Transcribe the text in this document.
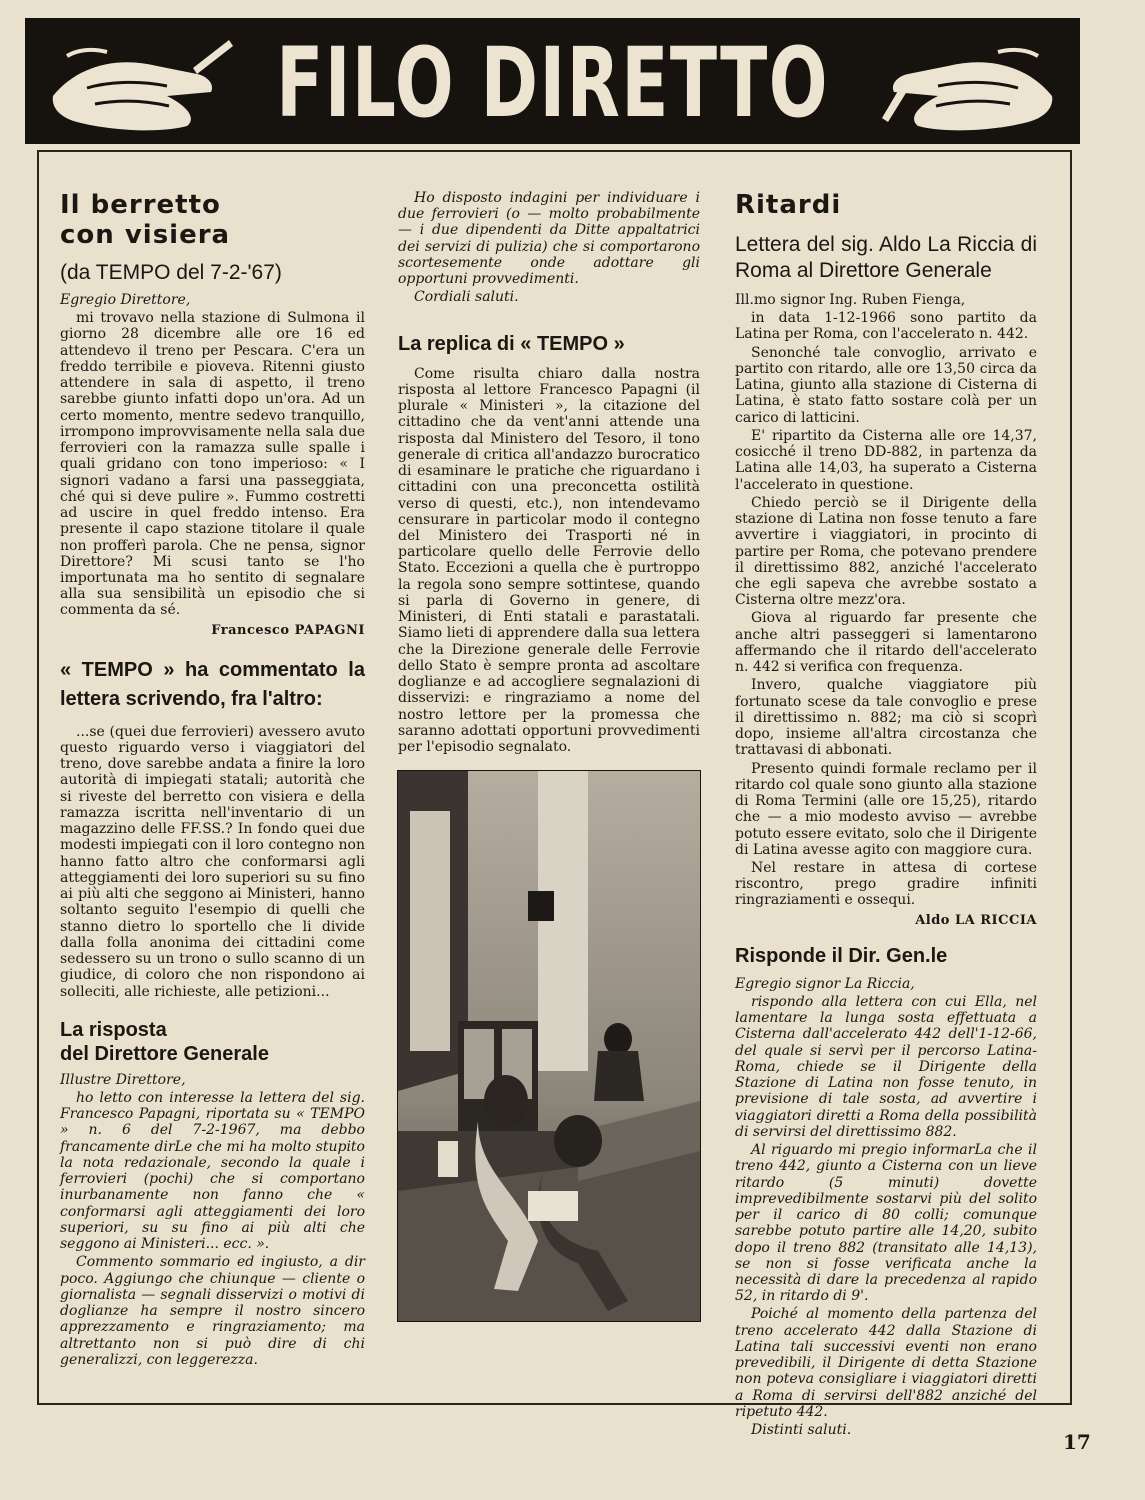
FILO DIRETTO
Il berretto
con visiera
(da TEMPO del 7-2-'67)

Egregio Direttore,

mi trovavo nella stazione di Sulmona il giorno 28 dicembre alle ore 16 ed attendevo il treno per Pescara. C'era un freddo terribile e pioveva. Ritenni giusto attendere in sala di aspetto, il treno sarebbe giunto infatti dopo un'ora. Ad un certo momento, mentre sedevo tranquillo, irrompono improvvisamente nella sala due ferrovieri con la ramazza sulle spalle i quali gridano con tono imperioso: « I signori vadano a farsi una passeggiata, ché qui si deve pulire ». Fummo costretti ad uscire in quel freddo intenso. Era presente il capo stazione titolare il quale non profferì parola. Che ne pensa, signor Direttore? Mi scusi tanto se l'ho importunata ma ho sentito di segnalare alla sua sensibilità un episodio che si commenta da sé.

Francesco PAPAGNI
« TEMPO » ha commentato la lettera scrivendo, fra l'altro:

...se (quei due ferrovieri) avessero avuto questo riguardo verso i viaggiatori del treno, dove sarebbe andata a finire la loro autorità di impiegati statali; autorità che si riveste del berretto con visiera e della ramazza iscritta nell'inventario di un magazzino delle FF.SS.? In fondo quei due modesti impiegati con il loro contegno non hanno fatto altro che conformarsi agli atteggiamenti dei loro superiori su su fino ai più alti che seggono ai Ministeri, hanno soltanto seguito l'esempio di quelli che stanno dietro lo sportello che li divide dalla folla anonima dei cittadini come sedessero su un trono o sullo scanno di un giudice, di coloro che non rispondono ai solleciti, alle richieste, alle petizioni...

La risposta
del Direttore Generale

Illustre Direttore,

ho letto con interesse la lettera del sig. Francesco Papagni, riportata su « TEMPO » n. 6 del 7-2-1967, ma debbo francamente dirLe che mi ha molto stupito la nota redazionale, secondo la quale i ferrovieri (pochi) che si comportano inurbanamente non fanno che « conformarsi agli atteggiamenti dei loro superiori, su su fino ai più alti che seggono ai Ministeri... ecc. ».

Commento sommario ed ingiusto, a dir poco. Aggiungo che chiunque — cliente o giornalista — segnali disservizi o motivi di doglianze ha sempre il nostro sincero apprezzamento e ringraziamento; ma altrettanto non si può dire di chi generalizzi, con leggerezza.

Ho disposto indagini per individuare i due ferrovieri (o — molto probabilmente — i due dipendenti da Ditte appaltatrici dei servizi di pulizia) che si comportarono scortesemente onde adottare gli opportuni provvedimenti.

Cordiali saluti.

La replica di « TEMPO »

Come risulta chiaro dalla nostra risposta al lettore Francesco Papagni (il plurale « Ministeri », la citazione del cittadino che da vent'anni attende una risposta dal Ministero del Tesoro, il tono generale di critica all'andazzo burocratico di esaminare le pratiche che riguardano i cittadini con una preconcetta ostilità verso di questi, etc.), non intendevamo censurare in particolar modo il contegno del Ministero dei Trasporti né in particolare quello delle Ferrovie dello Stato. Eccezioni a quella che è purtroppo la regola sono sempre sottintese, quando si parla di Governo in genere, di Ministeri, di Enti statali e parastatali. Siamo lieti di apprendere dalla sua lettera che la Direzione generale delle Ferrovie dello Stato è sempre pronta ad ascoltare doglianze e ad accogliere segnalazioni di disservizi: e ringraziamo a nome del nostro lettore per la promessa che saranno adottati opportuni provvedimenti per l'episodio segnalato.

Ritardi
Lettera del sig. Aldo La Riccia di Roma al Direttore Generale

Ill.mo signor Ing. Ruben Fienga,

in data 1-12-1966 sono partito da Latina per Roma, con l'accelerato n. 442.

Senonché tale convoglio, arrivato e partito con ritardo, alle ore 13,50 circa da Latina, giunto alla stazione di Cisterna di Latina, è stato fatto sostare colà per un carico di latticini.

E' ripartito da Cisterna alle ore 14,37, cosicché il treno DD-882, in partenza da Latina alle 14,03, ha superato a Cisterna l'accelerato in questione.

Chiedo perciò se il Dirigente della stazione di Latina non fosse tenuto a fare avvertire i viaggiatori, in procinto di partire per Roma, che potevano prendere il direttissimo 882, anziché l'accelerato che egli sapeva che avrebbe sostato a Cisterna oltre mezz'ora.

Giova al riguardo far presente che anche altri passeggeri si lamentarono affermando che il ritardo dell'accelerato n. 442 si verifica con frequenza.

Invero, qualche viaggiatore più fortunato scese da tale convoglio e prese il direttissimo n. 882; ma ciò si scoprì dopo, insieme all'altra circostanza che trattavasi di abbonati.

Presento quindi formale reclamo per il ritardo col quale sono giunto alla stazione di Roma Termini (alle ore 15,25), ritardo che — a mio modesto avviso — avrebbe potuto essere evitato, solo che il Dirigente di Latina avesse agito con maggiore cura.

Nel restare in attesa di cortese riscontro, prego gradire infiniti ringraziamenti e ossequi.

Aldo LA RICCIA
Risponde il Dir. Gen.le

Egregio signor La Riccia,

rispondo alla lettera con cui Ella, nel lamentare la lunga sosta effettuata a Cisterna dall'accelerato 442 dell'1-12-66, del quale si servì per il percorso Latina-Roma, chiede se il Dirigente della Stazione di Latina non fosse tenuto, in previsione di tale sosta, ad avvertire i viaggiatori diretti a Roma della possibilità di servirsi del direttissimo 882.

Al riguardo mi pregio informarLa che il treno 442, giunto a Cisterna con un lieve ritardo (5 minuti) dovette imprevedibilmente sostarvi più del solito per il carico di 80 colli; comunque sarebbe potuto partire alle 14,20, subito dopo il treno 882 (transitato alle 14,13), se non si fosse verificata anche la necessità di dare la precedenza al rapido 52, in ritardo di 9'.

Poiché al momento della partenza del treno accelerato 442 dalla Stazione di Latina tali successivi eventi non erano prevedibili, il Dirigente di detta Stazione non poteva consigliare i viaggiatori diretti a Roma di servirsi dell'882 anziché del ripetuto 442.

Distinti saluti.	17
